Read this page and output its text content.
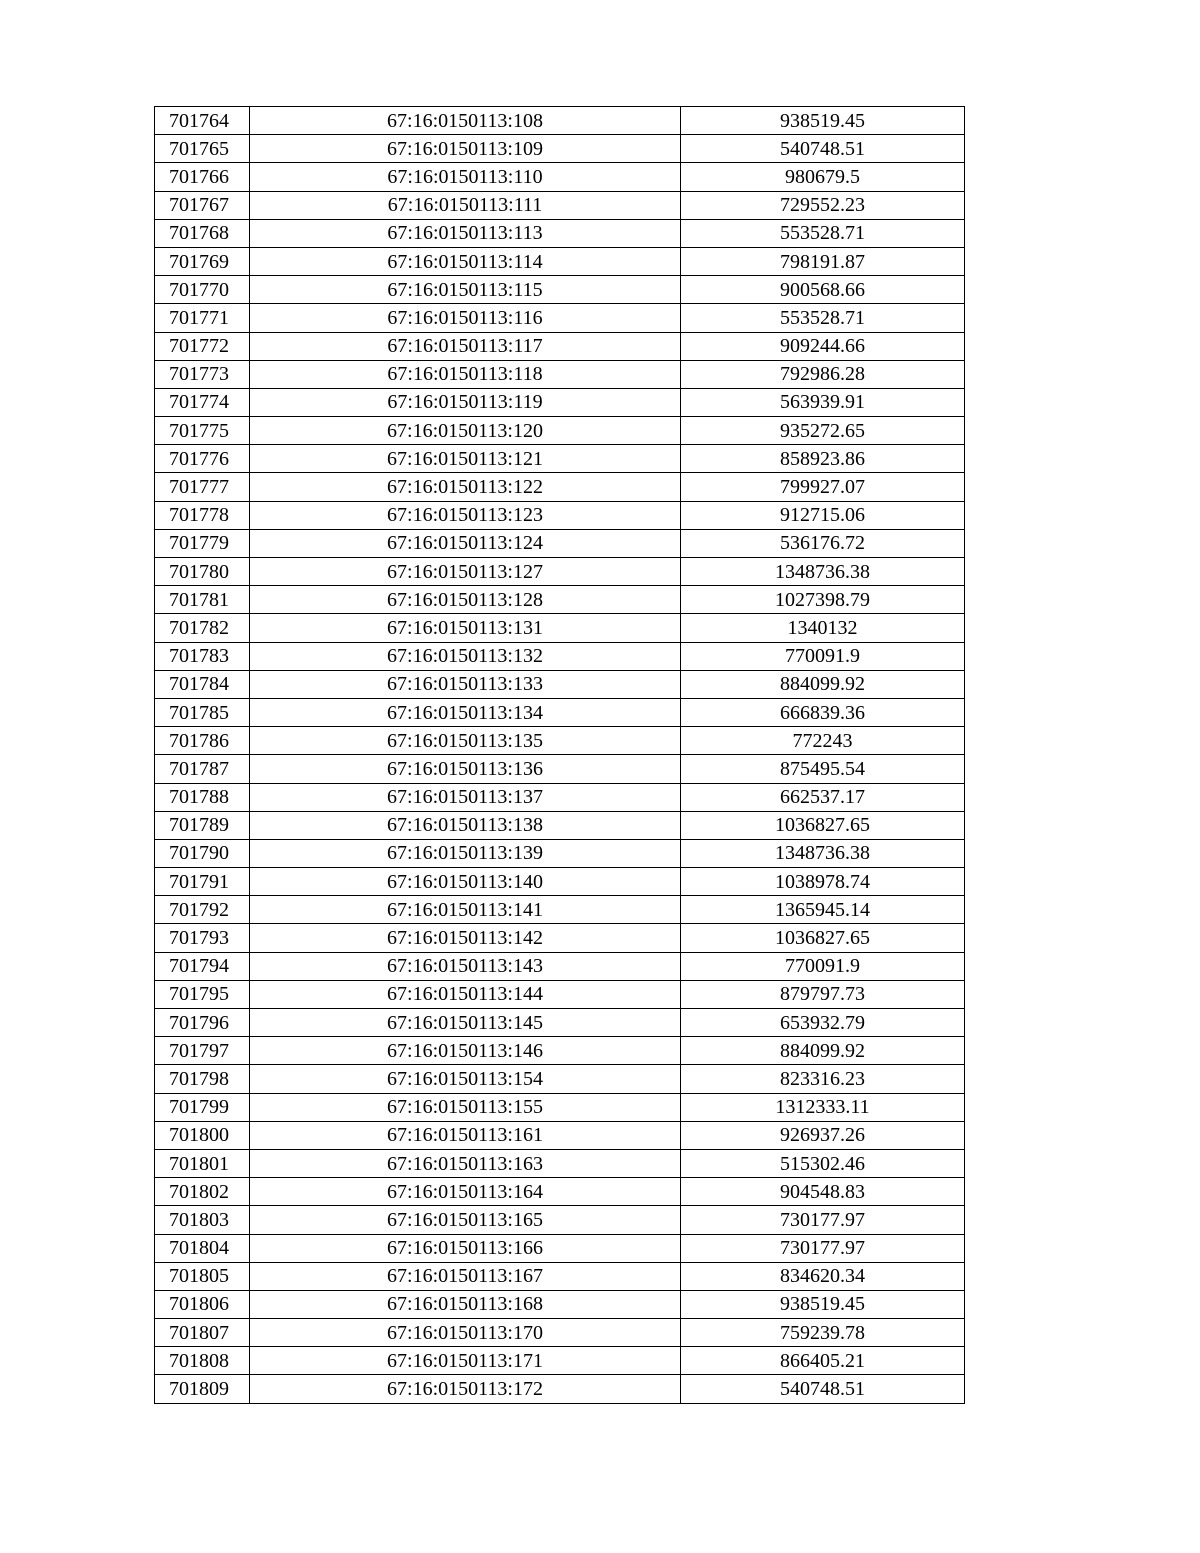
701764	67:16:0150113:108	938519.45
701765	67:16:0150113:109	540748.51
701766	67:16:0150113:110	980679.5
701767	67:16:0150113:111	729552.23
701768	67:16:0150113:113	553528.71
701769	67:16:0150113:114	798191.87
701770	67:16:0150113:115	900568.66
701771	67:16:0150113:116	553528.71
701772	67:16:0150113:117	909244.66
701773	67:16:0150113:118	792986.28
701774	67:16:0150113:119	563939.91
701775	67:16:0150113:120	935272.65
701776	67:16:0150113:121	858923.86
701777	67:16:0150113:122	799927.07
701778	67:16:0150113:123	912715.06
701779	67:16:0150113:124	536176.72
701780	67:16:0150113:127	1348736.38
701781	67:16:0150113:128	1027398.79
701782	67:16:0150113:131	1340132
701783	67:16:0150113:132	770091.9
701784	67:16:0150113:133	884099.92
701785	67:16:0150113:134	666839.36
701786	67:16:0150113:135	772243
701787	67:16:0150113:136	875495.54
701788	67:16:0150113:137	662537.17
701789	67:16:0150113:138	1036827.65
701790	67:16:0150113:139	1348736.38
701791	67:16:0150113:140	1038978.74
701792	67:16:0150113:141	1365945.14
701793	67:16:0150113:142	1036827.65
701794	67:16:0150113:143	770091.9
701795	67:16:0150113:144	879797.73
701796	67:16:0150113:145	653932.79
701797	67:16:0150113:146	884099.92
701798	67:16:0150113:154	823316.23
701799	67:16:0150113:155	1312333.11
701800	67:16:0150113:161	926937.26
701801	67:16:0150113:163	515302.46
701802	67:16:0150113:164	904548.83
701803	67:16:0150113:165	730177.97
701804	67:16:0150113:166	730177.97
701805	67:16:0150113:167	834620.34
701806	67:16:0150113:168	938519.45
701807	67:16:0150113:170	759239.78
701808	67:16:0150113:171	866405.21
701809	67:16:0150113:172	540748.51
